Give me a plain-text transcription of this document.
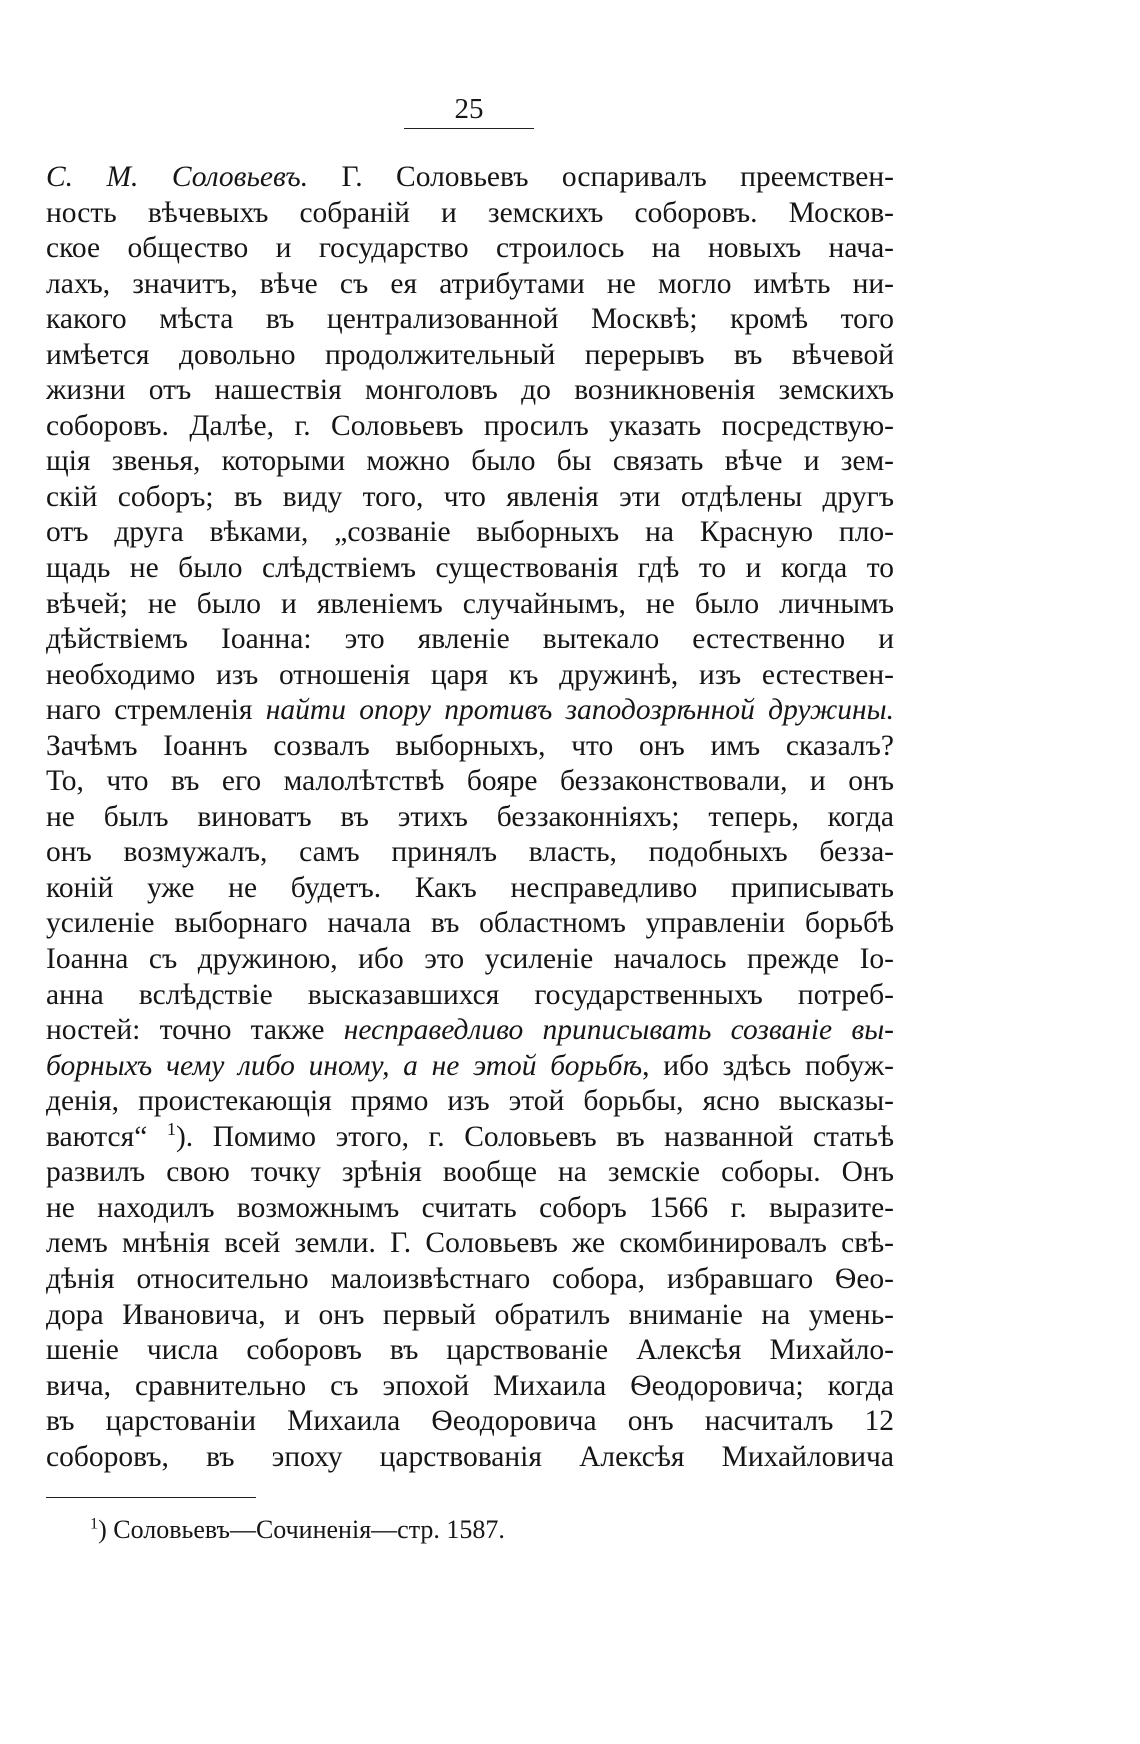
25
С. М. Соловьевъ. Г. Соловьевъ оспаривалъ преемствен-
ность вѣчевыхъ собраній и земскихъ соборовъ. Москов-
ское общество и государство строилось на новыхъ нача-
лахъ, значитъ, вѣче съ ея атрибутами не могло имѣть ни-
какого мѣста въ централизованной Москвѣ; кромѣ того
имѣется довольно продолжительный перерывъ въ вѣчевой
жизни отъ нашествія монголовъ до возникновенія земскихъ
соборовъ. Далѣе, г. Соловьевъ просилъ указать посредствую-
щія звенья, которыми можно было бы связать вѣче и зем-
скій соборъ; въ виду того, что явленія эти отдѣлены другъ
отъ друга вѣками, „созваніе выборныхъ на Красную пло-
щадь не было слѣдствіемъ существованія гдѣ то и когда то
вѣчей; не было и явленіемъ случайнымъ, не было личнымъ
дѣйствіемъ Іоанна: это явленіе вытекало естественно и
необходимо изъ отношенія царя къ дружинѣ, изъ естествен-
наго стремленія найти опору противъ заподозрѣнной дружины.
Зачѣмъ Іоаннъ созвалъ выборныхъ, что онъ имъ сказалъ?
То, что въ его малолѣтствѣ бояре беззаконствовали, и онъ
не былъ виноватъ въ этихъ беззаконніяхъ; теперь, когда
онъ возмужалъ, самъ принялъ власть, подобныхъ безза-
коній уже не будетъ. Какъ несправедливо приписывать
усиленіе выборнаго начала въ областномъ управленіи борьбѣ
Іоанна съ дружиною, ибо это усиленіе началось прежде Іо-
анна вслѣдствіе высказавшихся государственныхъ потреб-
ностей: точно также несправедливо приписывать созваніе вы-
борныхъ чему либо иному, а не этой борьбѣ, ибо здѣсь побуж-
денія, проистекающія прямо изъ этой борьбы, ясно высказы-
ваются“ $^1$). Помимо этого, г. Соловьевъ въ названной статьѣ
развилъ свою точку зрѣнія вообще на земскіе соборы. Онъ
не находилъ возможнымъ считать соборъ 1566 г. выразите-
лемъ мнѣнія всей земли. Г. Соловьевъ же скомбинировалъ свѣ-
дѣнія относительно малоизвѣстнаго собора, избравшаго Ѳео-
дора Ивановича, и онъ первый обратилъ вниманіе на умень-
шеніе числа соборовъ въ царствованіе Алексѣя Михайло-
вича, сравнительно съ эпохой Михаила Ѳеодоровича; когда
въ царстованіи Михаила Ѳеодоровича онъ насчиталъ 12
соборовъ, въ эпоху царствованія Алексѣя Михайловича
$^1$) Соловьевъ—Сочиненія—стр. 1587.
